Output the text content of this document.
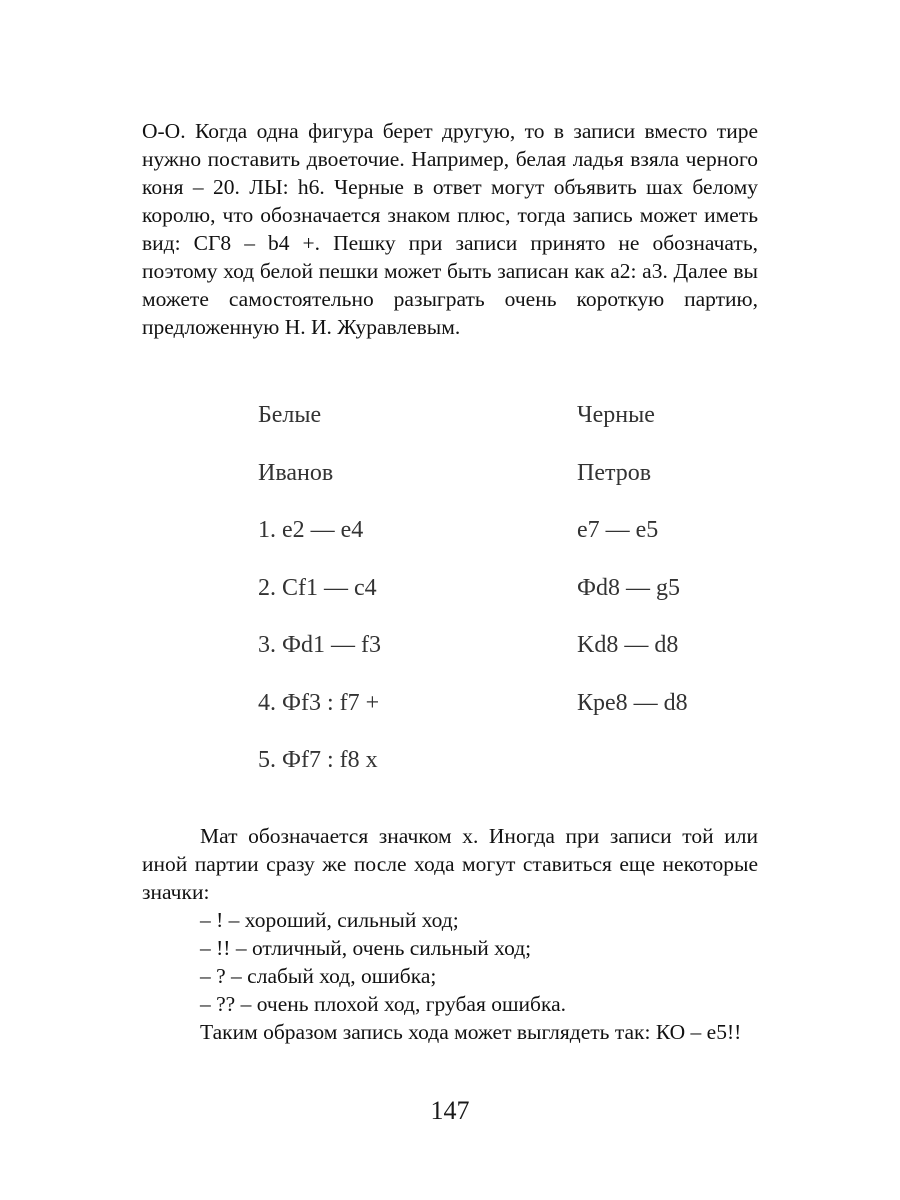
О-О. Когда одна фигура берет другую, то в записи вместо тире нужно поставить двоеточие. Например, белая ладья взяла черного коня – 20. ЛЫ: h6. Черные в ответ могут объявить шах белому королю, что обозначается знаком плюс, тогда запись может иметь вид: СГ8 – b4 +. Пешку при записи принято не обозначать, поэтому ход белой пешки может быть записан как а2: а3. Далее вы можете самостоятельно разыграть очень короткую партию, предложенную Н. И. Журавлевым.

Белые	Черные
Иванов	Петров
1. е2 — е4	е7 — е5
2. Cf1 — c4	Фd8 — g5
3. Фd1 — f3	Kd8 — d8
4. Фf3 : f7 +	Кре8 — d8
5. Фf7 : f8 х

Мат обозначается значком х. Иногда при записи той или иной партии сразу же после хода могут ставиться еще некоторые значки:

– ! – хороший, сильный ход;
– !! – отличный, очень сильный ход;
– ? – слабый ход, ошибка;
– ?? – очень плохой ход, грубая ошибка.

Таким образом запись хода может выглядеть так: КО – е5!!

147
